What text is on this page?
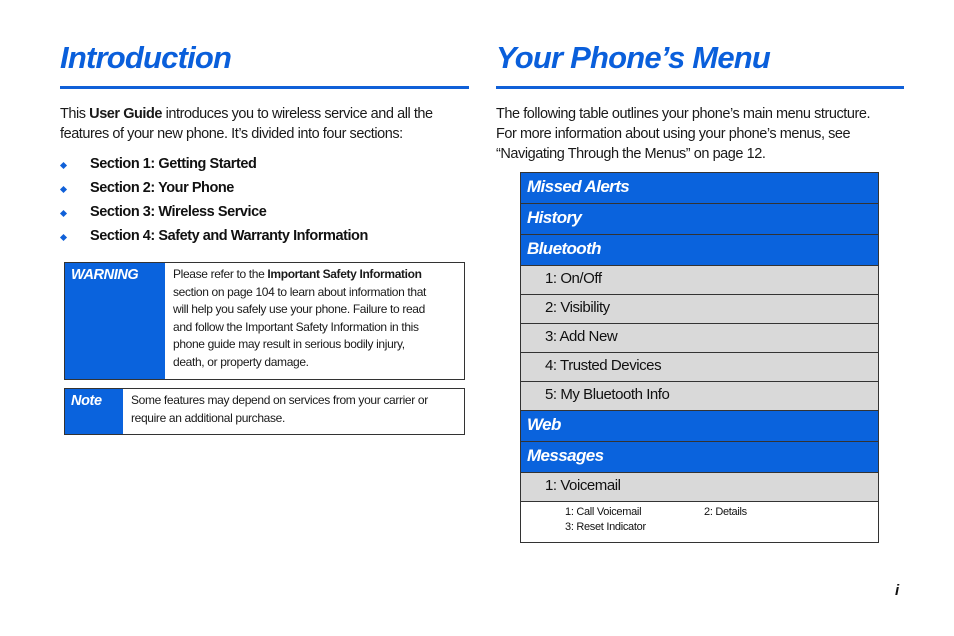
Introduction
This User Guide introduces you to wireless service and all the
features of your new phone. It’s divided into four sections:
Section 1: Getting Started
Section 2: Your Phone
Section 3: Wireless Service
Section 4: Safety and Warranty Information
WARNING	Please refer to the Important Safety Information
section on page 104 to learn about information that
will help you safely use your phone. Failure to read
and follow the Important Safety Information in this
phone guide may result in serious bodily injury,
death, or property damage.
Note	Some features may depend on services from your carrier or
require an additional purchase.
Your Phone’s Menu
The following table outlines your phone’s main menu structure.
For more information about using your phone’s menus, see
“Navigating Through the Menus” on page 12.
Missed Alerts
History
Bluetooth
1: On/Off
2: Visibility
3: Add New
4: Trusted Devices
5: My Bluetooth Info
Web
Messages
1: Voicemail
1: Call Voicemail	2: Details
3: Reset Indicator
i
